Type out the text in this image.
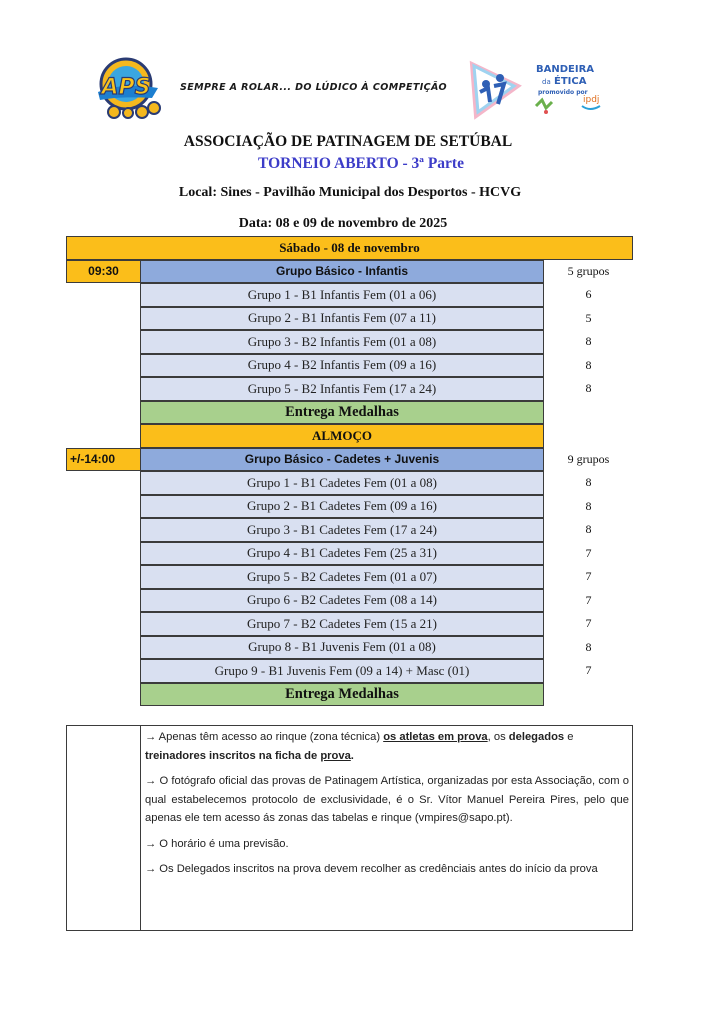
APS	SEMPRE A ROLAR... DO LÚDICO À COMPETIÇÃO
BANDEIRA
da ÉTICA
promovido por
ipdj
ASSOCIAÇÃO DE PATINAGEM DE SETÚBAL
TORNEIO ABERTO - 3ª Parte
Local: Sines - Pavilhão Municipal dos Desportos - HCVG
Data: 08 e 09 de novembro de 2025
Sábado - 08 de novembro
09:30	Grupo Básico - Infantis	5 grupos
Grupo 1 - B1 Infantis Fem (01 a 06)	6
Grupo 2 - B1 Infantis Fem (07 a 11)	5
Grupo 3 - B2 Infantis Fem (01 a 08)	8
Grupo 4 - B2 Infantis Fem (09 a 16)	8
Grupo 5 - B2 Infantis Fem (17 a 24)	8
Entrega Medalhas
ALMOÇO
+/-14:00	Grupo Básico - Cadetes + Juvenis	9 grupos
Grupo 1 - B1 Cadetes Fem (01 a 08)	8
Grupo 2 - B1 Cadetes Fem (09 a 16)	8
Grupo 3 - B1 Cadetes Fem (17 a 24)	8
Grupo 4 - B1 Cadetes Fem (25 a 31)	7
Grupo 5 - B2 Cadetes Fem (01 a 07)	7
Grupo 6 - B2 Cadetes Fem (08 a 14)	7
Grupo 7 - B2 Cadetes Fem (15 a 21)	7
Grupo 8 - B1 Juvenis Fem (01 a 08)	8
Grupo 9 - B1 Juvenis Fem (09 a 14) + Masc (01)	7
Entrega Medalhas

→ Apenas têm acesso ao rinque (zona técnica) os atletas em prova, os delegados e treinadores inscritos na ficha de prova.

→ O fotógrafo oficial das provas de Patinagem Artística, organizadas por esta Associação, com o qual estabelecemos protocolo de exclusividade, é o Sr. Vítor Manuel Pereira Pires, pelo que apenas ele tem acesso ás zonas das tabelas e rinque (vmpires@sapo.pt).

→ O horário é uma previsão.

→ Os Delegados inscritos na prova devem recolher as credênciais antes do início da prova
